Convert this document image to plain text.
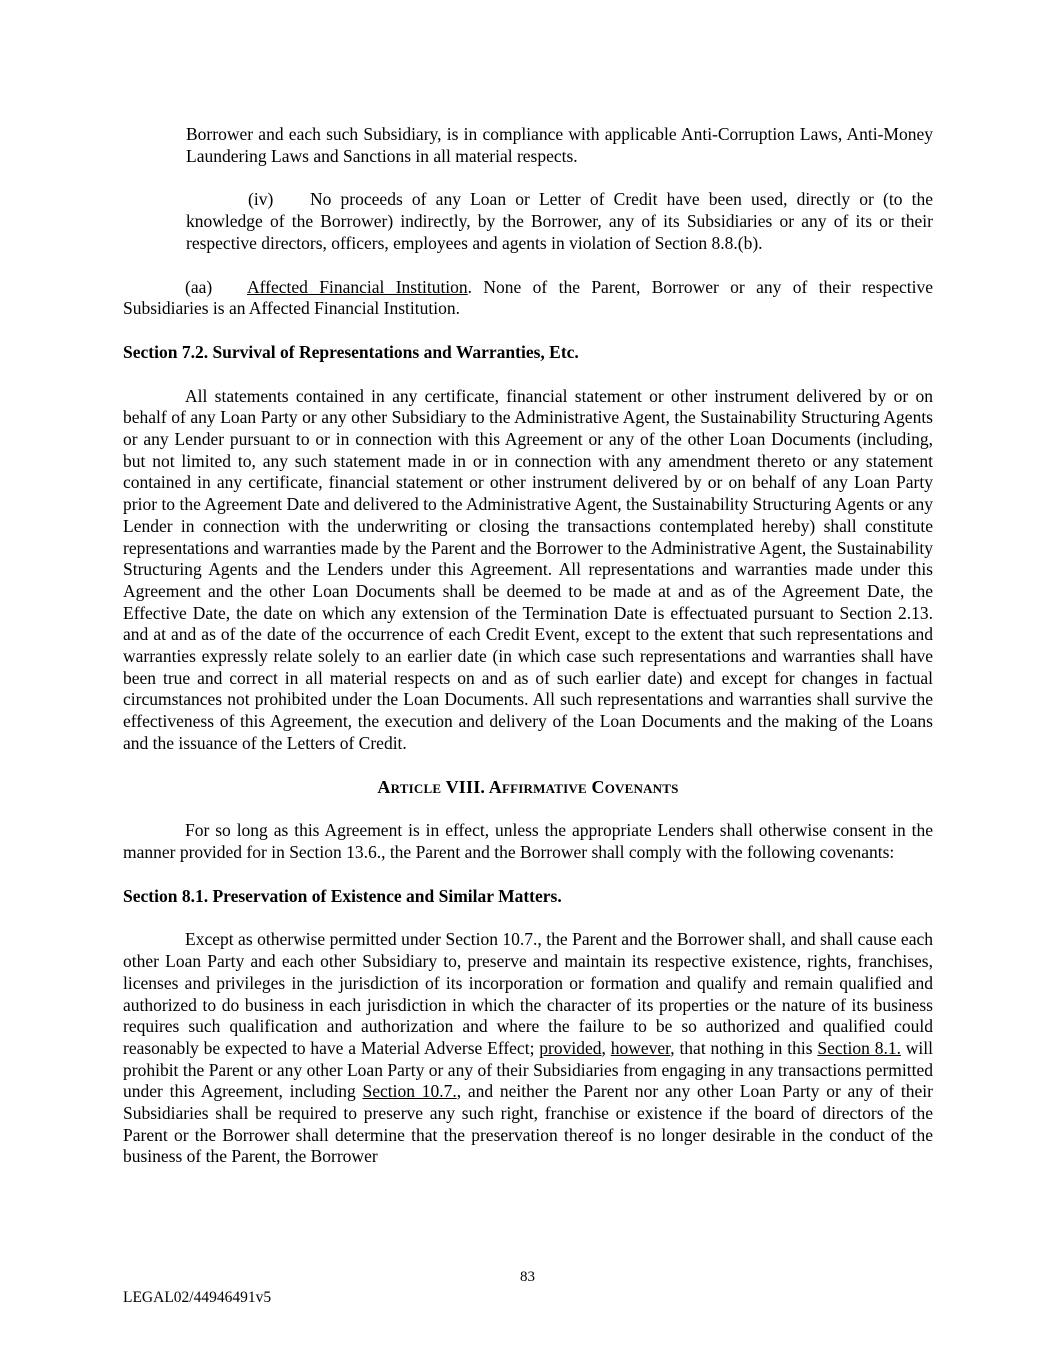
Borrower and each such Subsidiary, is in compliance with applicable Anti-Corruption Laws, Anti-Money Laundering Laws and Sanctions in all material respects.

(iv) No proceeds of any Loan or Letter of Credit have been used, directly or (to the knowledge of the Borrower) indirectly, by the Borrower, any of its Subsidiaries or any of its or their respective directors, officers, employees and agents in violation of Section 8.8.(b).

(aa) Affected Financial Institution. None of the Parent, Borrower or any of their respective Subsidiaries is an Affected Financial Institution.

Section 7.2. Survival of Representations and Warranties, Etc.

All statements contained in any certificate, financial statement or other instrument delivered by or on behalf of any Loan Party or any other Subsidiary to the Administrative Agent, the Sustainability Structuring Agents or any Lender pursuant to or in connection with this Agreement or any of the other Loan Documents (including, but not limited to, any such statement made in or in connection with any amendment thereto or any statement contained in any certificate, financial statement or other instrument delivered by or on behalf of any Loan Party prior to the Agreement Date and delivered to the Administrative Agent, the Sustainability Structuring Agents or any Lender in connection with the underwriting or closing the transactions contemplated hereby) shall constitute representations and warranties made by the Parent and the Borrower to the Administrative Agent, the Sustainability Structuring Agents and the Lenders under this Agreement. All representations and warranties made under this Agreement and the other Loan Documents shall be deemed to be made at and as of the Agreement Date, the Effective Date, the date on which any extension of the Termination Date is effectuated pursuant to Section 2.13. and at and as of the date of the occurrence of each Credit Event, except to the extent that such representations and warranties expressly relate solely to an earlier date (in which case such representations and warranties shall have been true and correct in all material respects on and as of such earlier date) and except for changes in factual circumstances not prohibited under the Loan Documents. All such representations and warranties shall survive the effectiveness of this Agreement, the execution and delivery of the Loan Documents and the making of the Loans and the issuance of the Letters of Credit.

Article VIII. Affirmative Covenants

For so long as this Agreement is in effect, unless the appropriate Lenders shall otherwise consent in the manner provided for in Section 13.6., the Parent and the Borrower shall comply with the following covenants:

Section 8.1. Preservation of Existence and Similar Matters.

Except as otherwise permitted under Section 10.7., the Parent and the Borrower shall, and shall cause each other Loan Party and each other Subsidiary to, preserve and maintain its respective existence, rights, franchises, licenses and privileges in the jurisdiction of its incorporation or formation and qualify and remain qualified and authorized to do business in each jurisdiction in which the character of its properties or the nature of its business requires such qualification and authorization and where the failure to be so authorized and qualified could reasonably be expected to have a Material Adverse Effect; provided, however, that nothing in this Section 8.1. will prohibit the Parent or any other Loan Party or any of their Subsidiaries from engaging in any transactions permitted under this Agreement, including Section 10.7., and neither the Parent nor any other Loan Party or any of their Subsidiaries shall be required to preserve any such right, franchise or existence if the board of directors of the Parent or the Borrower shall determine that the preservation thereof is no longer desirable in the conduct of the business of the Parent, the Borrower

83
LEGAL02/44946491v5
